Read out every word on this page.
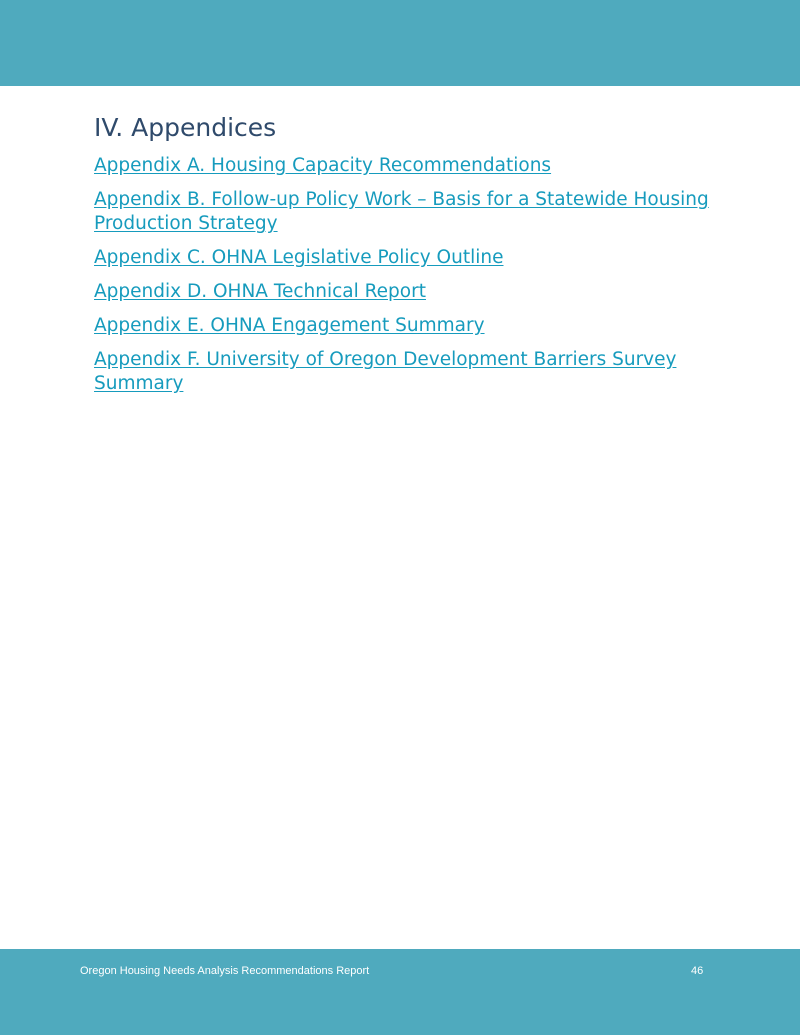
IV. Appendices
Appendix A. Housing Capacity Recommendations
Appendix B. Follow-up Policy Work – Basis for a Statewide Housing Production Strategy
Appendix C. OHNA Legislative Policy Outline
Appendix D. OHNA Technical Report
Appendix E. OHNA Engagement Summary
Appendix F. University of Oregon Development Barriers Survey Summary
Oregon Housing Needs Analysis Recommendations Report	46
